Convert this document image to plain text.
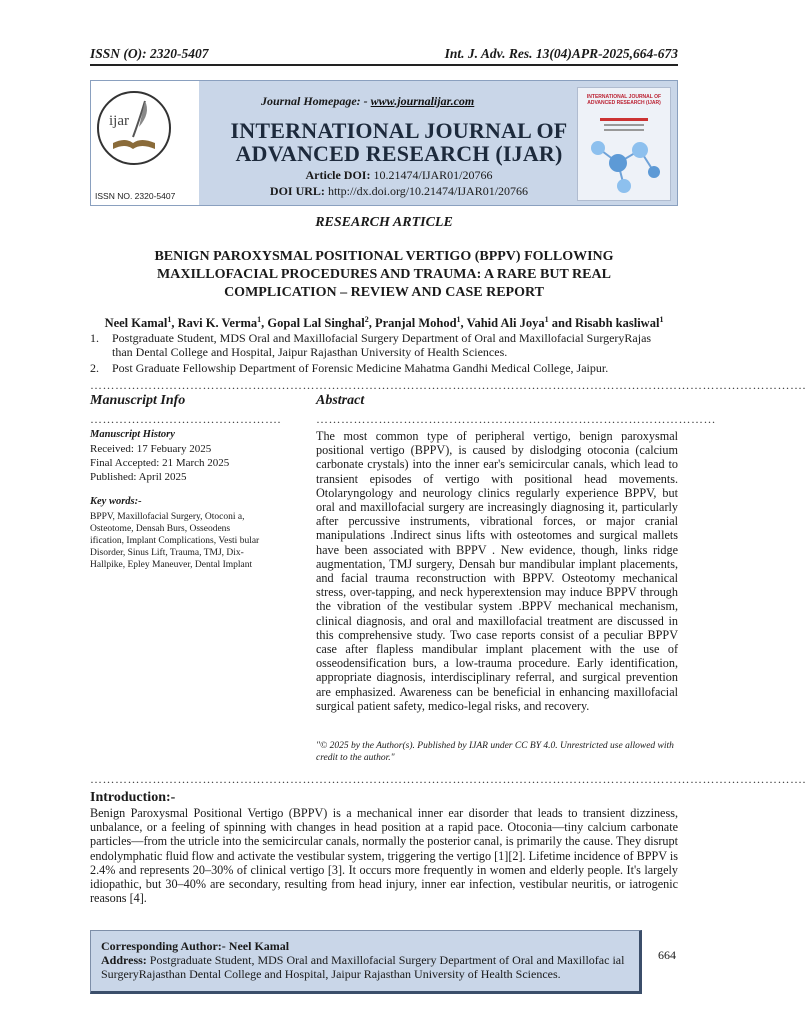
ISSN (O): 2320-5407	Int. J. Adv. Res. 13(04)APR-2025,664-673
ijar
ISSN NO. 2320-5407
Journal Homepage: - www.journalijar.com
INTERNATIONAL JOURNAL OF
ADVANCED RESEARCH (IJAR)
Article DOI: 10.21474/IJAR01/20766
DOI URL: http://dx.doi.org/10.21474/IJAR01/20766
INTERNATIONAL JOURNAL OF ADVANCED RESEARCH (IJAR)
RESEARCH ARTICLE
BENIGN PAROXYSMAL POSITIONAL VERTIGO (BPPV) FOLLOWING
MAXILLOFACIAL PROCEDURES AND TRAUMA: A RARE BUT REAL
COMPLICATION – REVIEW AND CASE REPORT
Neel Kamal$^1$, Ravi K. Verma$^1$, Gopal Lal Singhal$^2$, Pranjal Mohod$^1$, Vahid Ali Joya$^1$ and Risabh kasliwal$^1$
1. Postgraduate Student, MDS Oral and Maxillofacial Surgery Department of Oral and Maxillofacial SurgeryRajas than Dental College and Hospital, Jaipur Rajasthan University of Health Sciences.
2. Post Graduate Fellowship Department of Forensic Medicine Mahatma Gandhi Medical College, Jaipur.
……………………………………………………………………………………………………………………………………………………….
Manuscript Info	Abstract
……………………………………….	……………………………………………………………………………………
Manuscript History
Received: 17 Febuary 2025
Final Accepted: 21 March 2025
Published: April 2025
Key words:-
BPPV, Maxillofacial Surgery, Otoconi a, Osteotome, Densah Burs, Osseodens ification, Implant Complications, Vesti bular Disorder, Sinus Lift, Trauma, TMJ, Dix-Hallpike, Epley Maneuver, Dental Implant
The most common type of peripheral vertigo, benign paroxysmal positional vertigo (BPPV), is caused by dislodging otoconia (calcium carbonate crystals) into the inner ear's semicircular canals, which lead to transient episodes of vertigo with positional head movements. Otolaryngology and neurology clinics regularly experience BPPV, but oral and maxillofacial surgery are increasingly diagnosing it, particularly after percussive instruments, vibrational forces, or major cranial manipulations .Indirect sinus lifts with osteotomes and surgical mallets have been associated with BPPV . New evidence, though, links ridge augmentation, TMJ surgery, Densah bur mandibular implant placements, and facial trauma reconstruction with BPPV. Osteotomy mechanical stress, over-tapping, and neck hyperextension may induce BPPV through the vibration of the vestibular system .BPPV mechanical mechanism, clinical diagnosis, and oral and maxillofacial treatment are discussed in this comprehensive study. Two case reports consist of a peculiar BPPV case after flapless mandibular implant placement with the use of osseodensification burs, a low-trauma procedure. Early identification, appropriate diagnosis, interdisciplinary referral, and surgical prevention are emphasized. Awareness can be beneficial in enhancing maxillofacial surgical patient safety, medico-legal risks, and recovery.
"© 2025 by the Author(s). Published by IJAR under CC BY 4.0. Unrestricted use allowed with credit to the author."
……………………………………………………………………………………………………………………………………………………….
Introduction:-
Benign Paroxysmal Positional Vertigo (BPPV) is a mechanical inner ear disorder that leads to transient dizziness, unbalance, or a feeling of spinning with changes in head position at a rapid pace. Otoconia—tiny calcium carbonate particles—from the utricle into the semicircular canals, normally the posterior canal, is primarily the cause. They disrupt endolymphatic fluid flow and activate the vestibular system, triggering the vertigo [1][2]. Lifetime incidence of BPPV is 2.4% and represents 20–30% of clinical vertigo [3]. It occurs more frequently in women and elderly people. It's largely idiopathic, but 30–40% are secondary, resulting from head injury, inner ear infection, vestibular neuritis, or iatrogenic reasons [4].
Corresponding Author:- Neel Kamal
Address: Postgraduate Student, MDS Oral and Maxillofacial Surgery Department of Oral and Maxillofac ial SurgeryRajasthan Dental College and Hospital, Jaipur Rajasthan University of Health Sciences.
664
